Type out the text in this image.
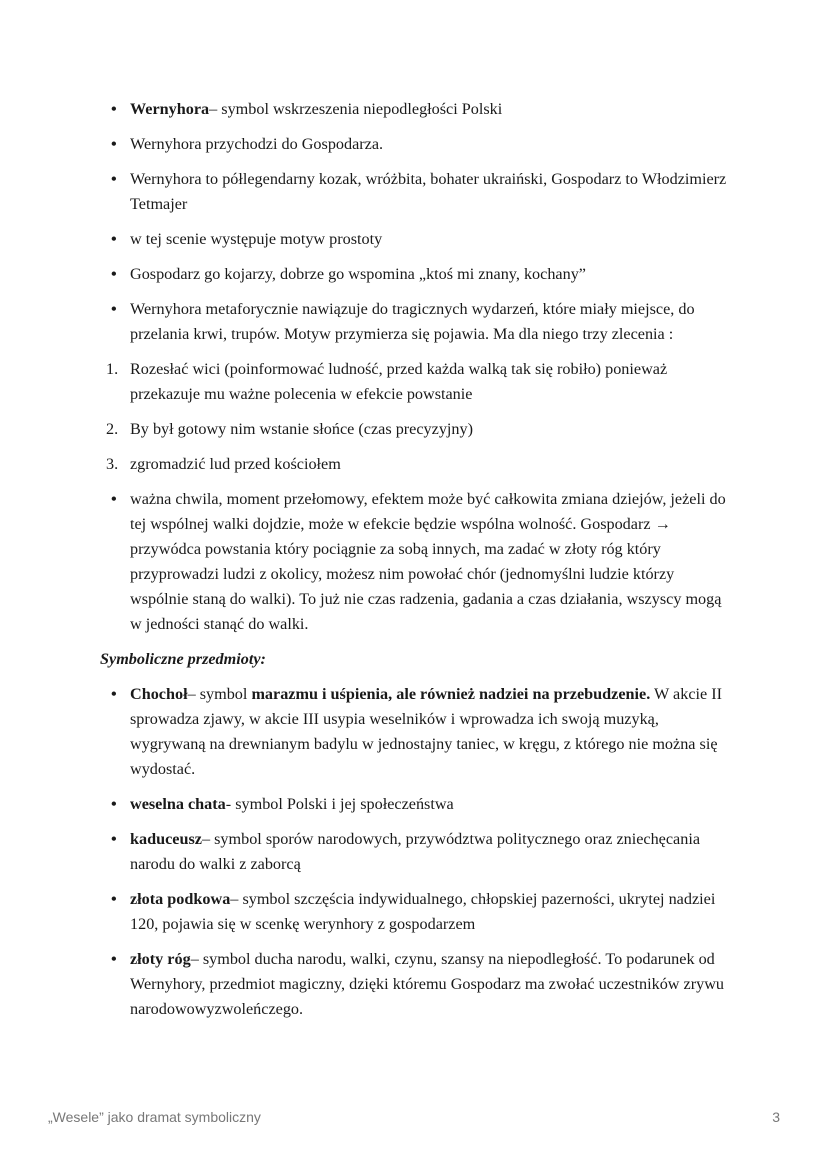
• Wernyhora– symbol wskrzeszenia niepodległości Polski
• Wernyhora przychodzi do Gospodarza.
• Wernyhora to półlegendarny kozak, wróżbita, bohater ukraiński, Gospodarz to Włodzimierz Tetmajer
• w tej scenie występuje motyw prostoty
• Gospodarz go kojarzy, dobrze go wspomina „ktoś mi znany, kochany”
• Wernyhora metaforycznie nawiązuje do tragicznych wydarzeń, które miały miejsce, do przelania krwi, trupów. Motyw przymierza się pojawia. Ma dla niego trzy zlecenia :
1. Rozesłać wici (poinformować ludność, przed każda walką tak się robiło) ponieważ przekazuje mu ważne polecenia w efekcie powstanie
2. By był gotowy nim wstanie słońce (czas precyzyjny)
3. zgromadzić lud przed kościołem
• ważna chwila, moment przełomowy, efektem może być całkowita zmiana dziejów, jeżeli do tej wspólnej walki dojdzie, może w efekcie będzie wspólna wolność. Gospodarz → przywódca powstania który pociągnie za sobą innych, ma zadać w złoty róg który przyprowadzi ludzi z okolicy, możesz nim powołać chór (jednomyślni ludzie którzy wspólnie staną do walki). To już nie czas radzenia, gadania a czas działania, wszyscy mogą w jedności stanąć do walki.
Symboliczne przedmioty:
• Chochoł– symbol marazmu i uśpienia, ale również nadziei na przebudzenie. W akcie II sprowadza zjawy, w akcie III usypia weselników i wprowadza ich swoją muzyką, wygrywaną na drewnianym badylu w jednostajny taniec, w kręgu, z którego nie można się wydostać.
• weselna chata- symbol Polski i jej społeczeństwa
• kaduceusz– symbol sporów narodowych, przywództwa politycznego oraz zniechęcania narodu do walki z zaborcą
• złota podkowa– symbol szczęścia indywidualnego, chłopskiej pazerności, ukrytej nadziei 120, pojawia się w scenkę werynhory z gospodarzem
• złoty róg– symbol ducha narodu, walki, czynu, szansy na niepodległość. To podarunek od Wernyhory, przedmiot magiczny, dzięki któremu Gospodarz ma zwołać uczestników zrywu narodowowyzwoleńczego.
„Wesele” jako dramat symboliczny	3
